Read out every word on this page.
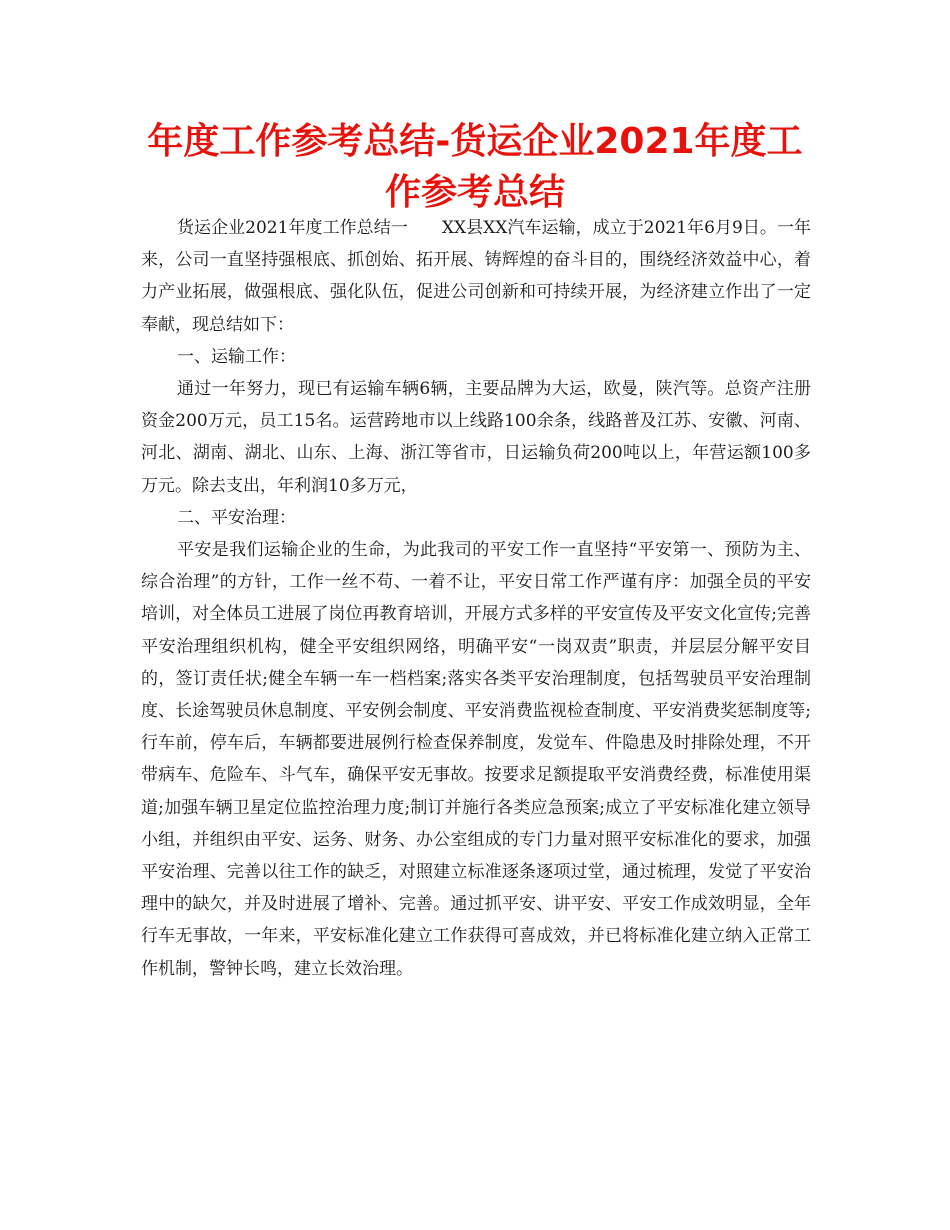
年度工作参考总结-货运企业2021年度工作参考总结

货运企业2021年度工作总结一　　XX县XX汽车运输，成立于2021年6月9日。一年来，公司一直坚持强根底、抓创始、拓开展、铸辉煌的奋斗目的，围绕经济效益中心，着力产业拓展，做强根底、强化队伍，促进公司创新和可持续开展，为经济建立作出了一定奉献，现总结如下：

一、运输工作：

通过一年努力，现已有运输车辆6辆，主要品牌为大运，欧曼，陕汽等。总资产注册资金200万元，员工15名。运营跨地市以上线路100余条，线路普及江苏、安徽、河南、河北、湖南、湖北、山东、上海、浙江等省市，日运输负荷200吨以上，年营运额100多万元。除去支出，年利润10多万元，

二、平安治理：

平安是我们运输企业的生命，为此我司的平安工作一直坚持“平安第一、预防为主、综合治理”的方针，工作一丝不苟、一着不让，平安日常工作严谨有序：加强全员的平安培训，对全体员工进展了岗位再教育培训，开展方式多样的平安宣传及平安文化宣传;完善平安治理组织机构，健全平安组织网络，明确平安“一岗双责”职责，并层层分解平安目的，签订责任状;健全车辆一车一档档案;落实各类平安治理制度，包括驾驶员平安治理制度、长途驾驶员休息制度、平安例会制度、平安消费监视检查制度、平安消费奖惩制度等;行车前，停车后，车辆都要进展例行检查保养制度，发觉车、件隐患及时排除处理，不开带病车、危险车、斗气车，确保平安无事故。按要求足额提取平安消费经费，标准使用渠道;加强车辆卫星定位监控治理力度;制订并施行各类应急预案;成立了平安标准化建立领导小组，并组织由平安、运务、财务、办公室组成的专门力量对照平安标准化的要求，加强平安治理、完善以往工作的缺乏，对照建立标准逐条逐项过堂，通过梳理，发觉了平安治理中的缺欠，并及时进展了增补、完善。通过抓平安、讲平安、平安工作成效明显，全年行车无事故，一年来，平安标准化建立工作获得可喜成效，并已将标准化建立纳入正常工作机制，警钟长鸣，建立长效治理。
